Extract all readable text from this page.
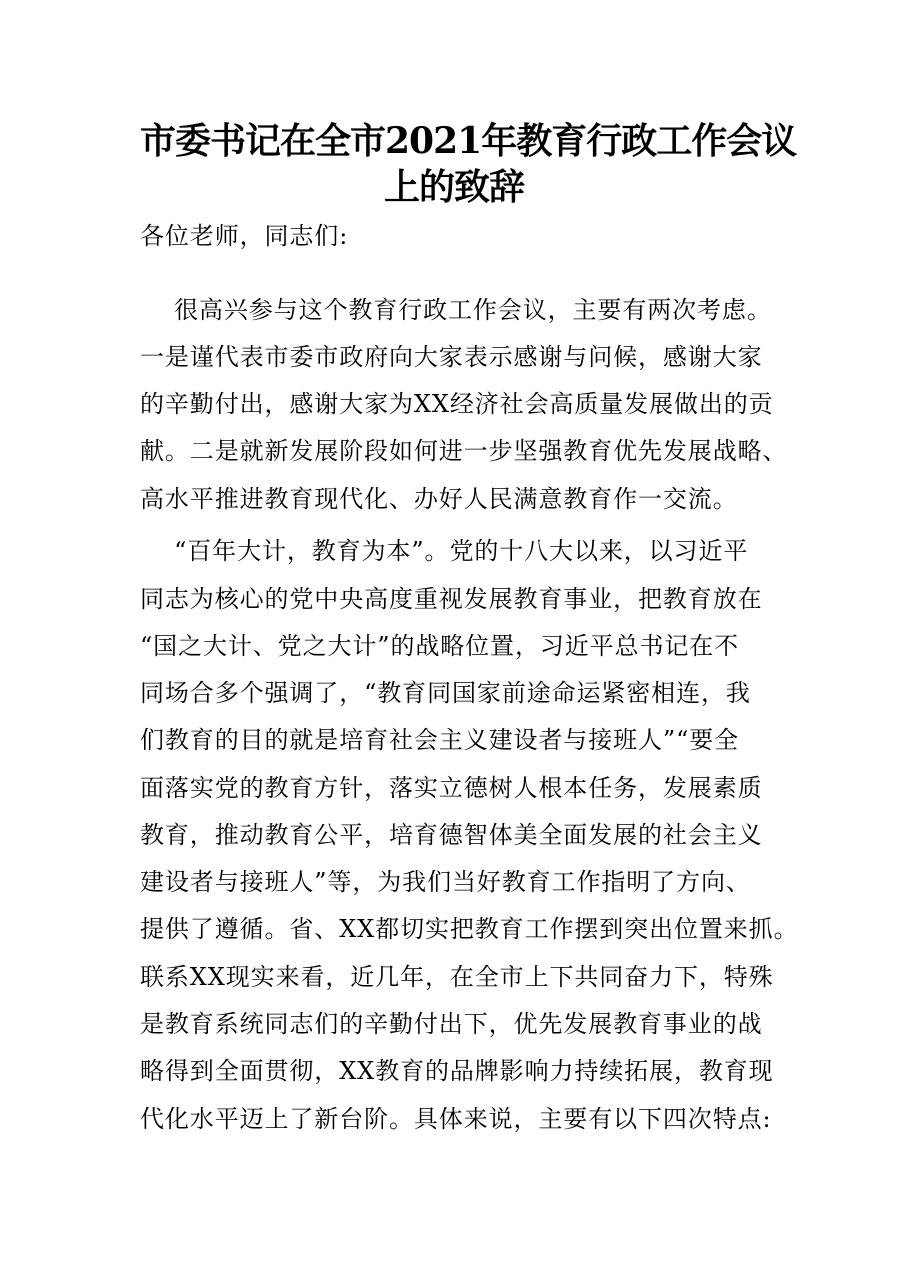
市委书记在全市2021年教育行政工作会议
上的致辞
各位老师，同志们:
很高兴参与这个教育行政工作会议，主要有两次考虑。
一是谨代表市委市政府向大家表示感谢与问候，感谢大家
的辛勤付出，感谢大家为XX经济社会高质量发展做出的贡
献。二是就新发展阶段如何进一步坚强教育优先发展战略、
高水平推进教育现代化、办好人民满意教育作一交流。
“百年大计，教育为本”。党的十八大以来，以习近平
同志为核心的党中央高度重视发展教育事业，把教育放在
“国之大计、党之大计”的战略位置，习近平总书记在不
同场合多个强调了，“教育同国家前途命运紧密相连，我
们教育的目的就是培育社会主义建设者与接班人”“要全
面落实党的教育方针，落实立德树人根本任务，发展素质
教育，推动教育公平，培育德智体美全面发展的社会主义
建设者与接班人”等，为我们当好教育工作指明了方向、
提供了遵循。省、XX都切实把教育工作摆到突出位置来抓。
联系XX现实来看，近几年，在全市上下共同奋力下，特殊
是教育系统同志们的辛勤付出下，优先发展教育事业的战
略得到全面贯彻，XX教育的品牌影响力持续拓展，教育现
代化水平迈上了新台阶。具体来说，主要有以下四次特点:
